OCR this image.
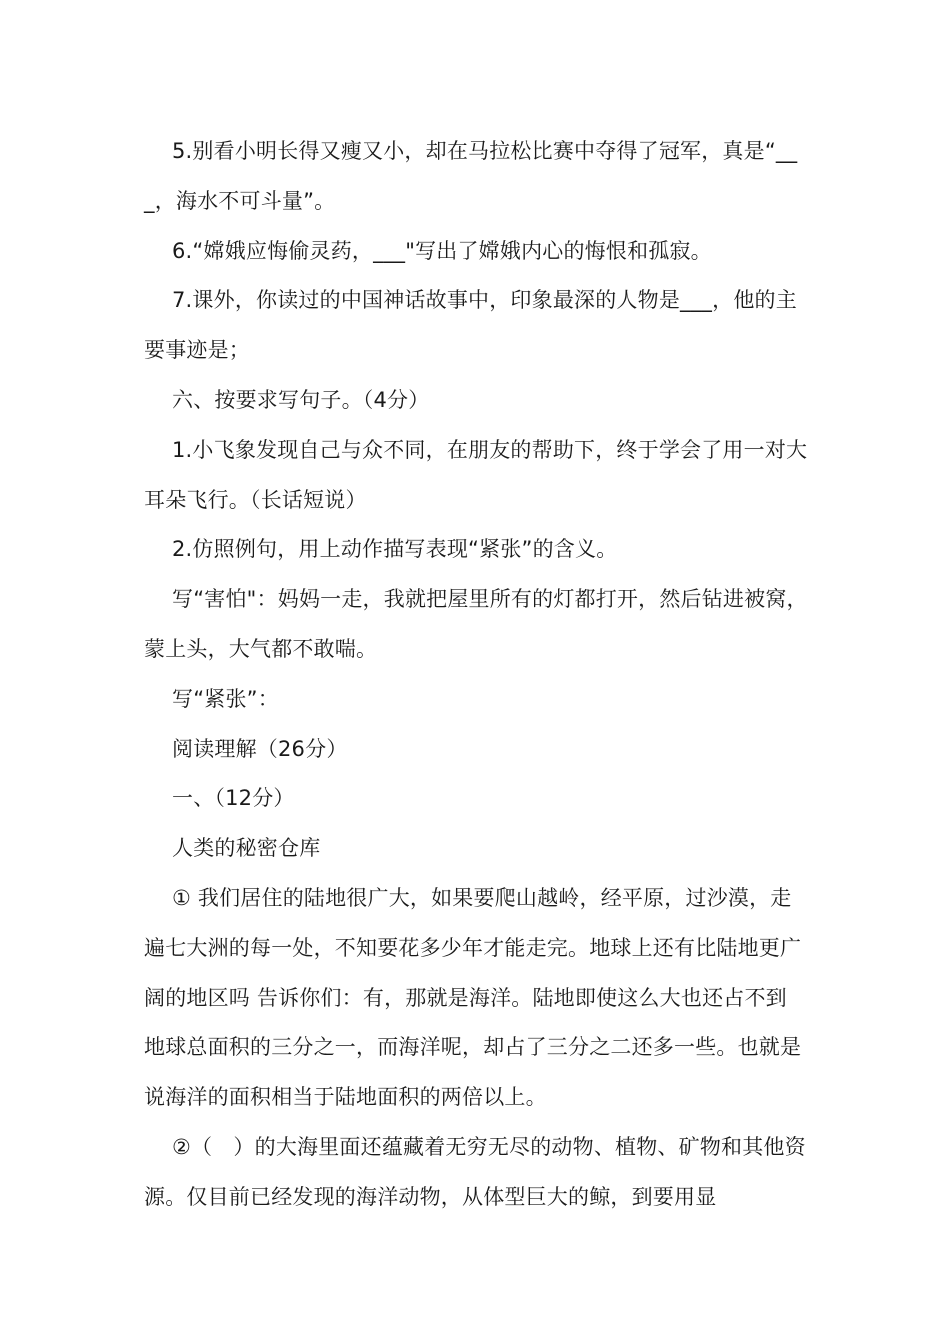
5.别看小明长得又瘦又小，却在马拉松比赛中夺得了冠军，真是“___，海水不可斗量”。

6.“嫦娥应悔偷灵药，___"写出了嫦娥内心的悔恨和孤寂。

7.课外，你读过的中国神话故事中，印象最深的人物是___，他的主要事迹是；

六、按要求写句子。（4分）

1.小飞象发现自己与众不同，在朋友的帮助下，终于学会了用一对大耳朵飞行。（长话短说）

2.仿照例句，用上动作描写表现“紧张”的含义。

写“害怕"：妈妈一走，我就把屋里所有的灯都打开，然后钻进被窝，蒙上头，大气都不敢喘。

写“紧张”：

阅读理解（26分）

一、（12分）

人类的秘密仓库

① 我们居住的陆地很广大，如果要爬山越岭，经平原，过沙漠，走遍七大洲的每一处，不知要花多少年才能走完。地球上还有比陆地更广阔的地区吗 告诉你们：有，那就是海洋。陆地即使这么大也还占不到地球总面积的三分之一，而海洋呢，却占了三分之二还多一些。也就是说海洋的面积相当于陆地面积的两倍以上。

②（　）的大海里面还蕴藏着无穷无尽的动物、植物、矿物和其他资源。仅目前已经发现的海洋动物，从体型巨大的鲸，到要用显
